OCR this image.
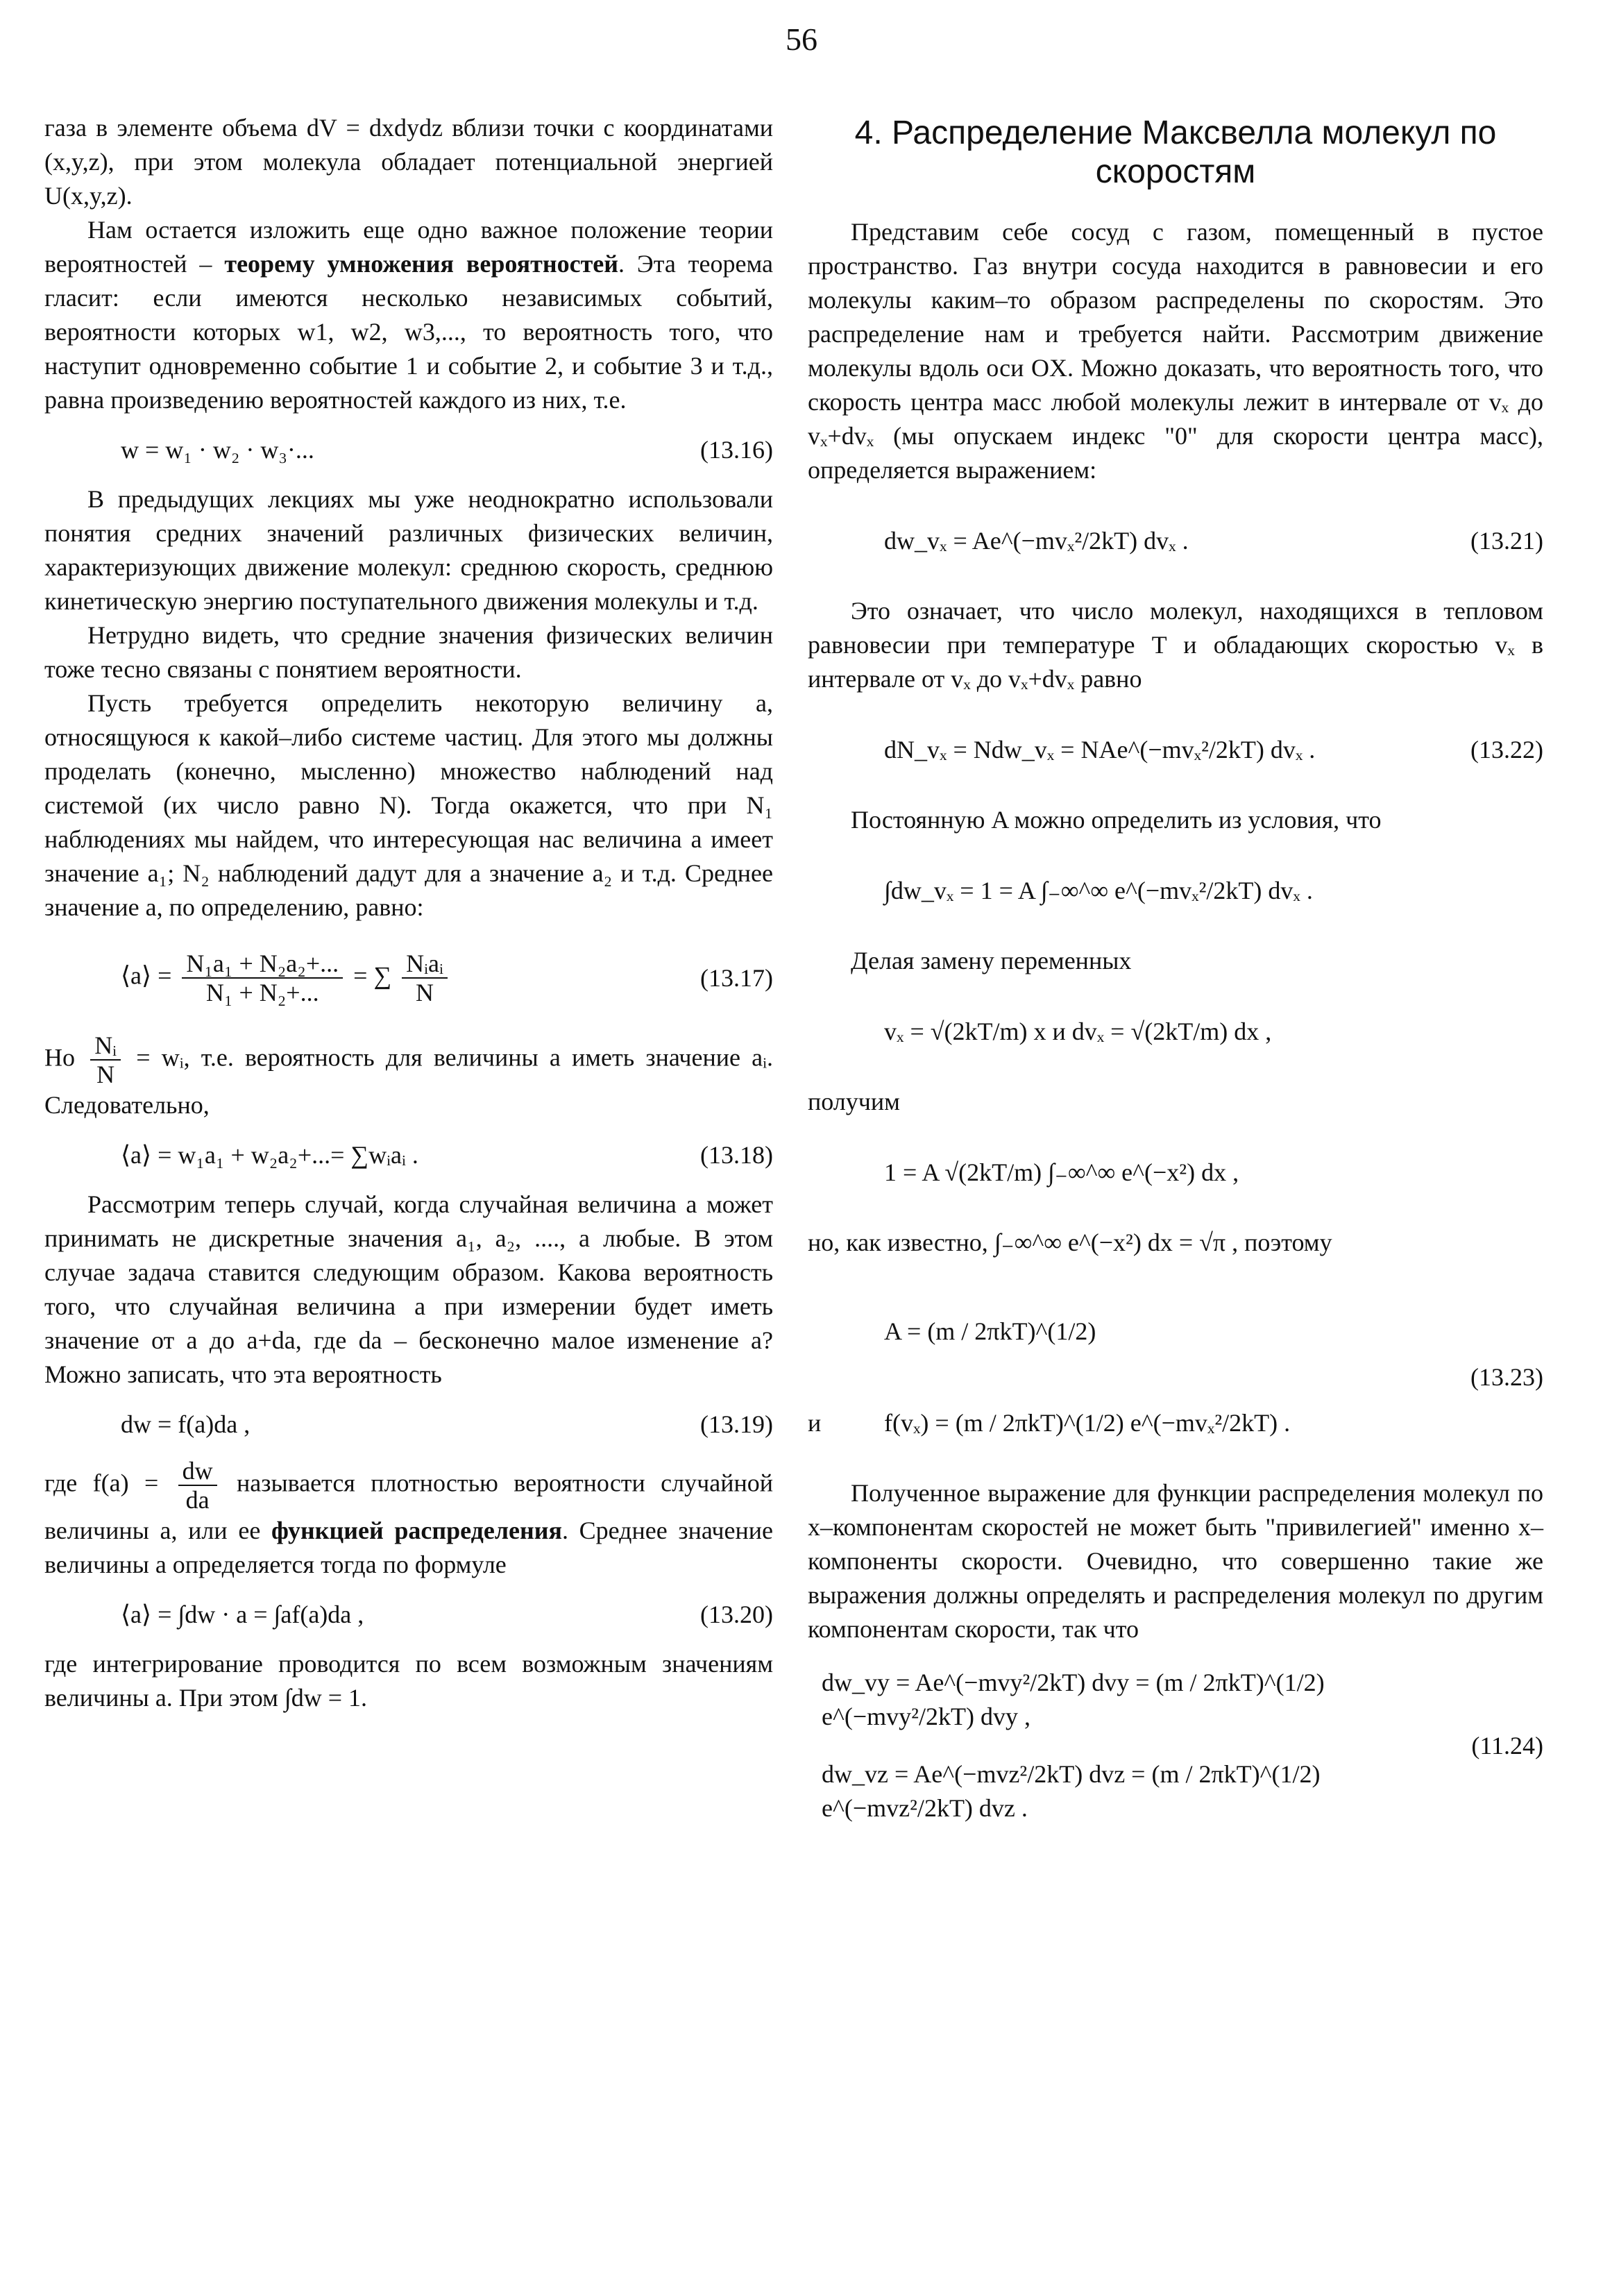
56

газа в элементе объема dV = dxdydz вблизи точки с координатами (x,y,z), при этом молекула обладает потенциальной энергией U(x,y,z).

Нам остается изложить еще одно важное положение теории вероятностей – теорему умножения вероятностей. Эта теорема гласит: если имеются несколько независимых событий, вероятности которых w1, w2, w3,..., то вероятность того, что наступит одновременно событие 1 и событие 2, и событие 3 и т.д., равна произведению вероятностей каждого из них, т.е.

w = w₁ · w₂ · w₃·...	(13.16)

В предыдущих лекциях мы уже неоднократно использовали понятия средних значений различных физических величин, характеризующих движение молекул: среднюю скорость, среднюю кинетическую энергию поступательного движения молекулы и т.д.

Нетрудно видеть, что средние значения физических величин тоже тесно связаны с понятием вероятности.

Пусть требуется определить некоторую величину а, относящуюся к какой–либо системе частиц. Для этого мы должны проделать (конечно, мысленно) множество наблюдений над системой (их число равно N). Тогда окажется, что при N₁ наблюдениях мы найдем, что интересующая нас величина а имеет значение a₁; N₂ наблюдений дадут для а значение a₂ и т.д. Среднее значение а, по определению, равно:

⟨a⟩ = $\frac{\text{N₁a₁ + N₂a₂+...}}{\text{N₁ + N₂+...}}$ = ∑ $\frac{\text{Nᵢaᵢ}}{N}$	(13.17)

Но $\frac{\text{Nᵢ}}{N}$ = wᵢ, т.е. вероятность для величины а иметь значение aᵢ. Следовательно,

⟨a⟩ = w₁a₁ + w₂a₂+...= ∑wᵢaᵢ .	(13.18)

Рассмотрим теперь случай, когда случайная величина а может принимать не дискретные значения a₁, a₂, ...., а любые. В этом случае задача ставится следующим образом. Какова вероятность того, что случайная величина а при измерении будет иметь значение от а до a+da, где da – бесконечно малое изменение а? Можно записать, что эта вероятность

dw = f(a)da ,	(13.19)

где $f(a) = \frac{dw}{da}$ называется плотностью вероятности случайной величины а, или ее функцией распределения. Среднее значение величины а определяется тогда по формуле

⟨a⟩ = ∫dw · a = ∫af(a)da ,	(13.20)

где интегрирование проводится по всем возможным значениям величины а. При этом ∫dw = 1.

4. Распределение Максвелла молекул по скоростям

Представим себе сосуд с газом, помещенный в пустое пространство. Газ внутри сосуда находится в равновесии и его молекулы каким–то образом распределены по скоростям. Это распределение нам и требуется найти. Рассмотрим движение молекулы вдоль оси OX. Можно доказать, что вероятность того, что скорость центра масс любой молекулы лежит в интервале от vₓ до vₓ+dvₓ (мы опускаем индекс "0" для скорости центра масс), определяется выражением:

dw_vₓ = Ae^(−mvₓ²/2kT) dvₓ .	(13.21)

Это означает, что число молекул, находящихся в тепловом равновесии при температуре T и обладающих скоростью vₓ в интервале от vₓ до vₓ+dvₓ равно

dN_vₓ = Ndw_vₓ = NAe^(−mvₓ²/2kT) dvₓ .	(13.22)

Постоянную A можно определить из условия, что

∫dw_vₓ = 1 = A ∫₋∞^∞ e^(−mvₓ²/2kT) dvₓ .

Делая замену переменных

vₓ = √(2kT/m) x и dvₓ = √(2kT/m) dx ,

получим

1 = A √(2kT/m) ∫₋∞^∞ e^(−x²) dx ,

но, как известно, ∫₋∞^∞ e^(−x²) dx = √π , поэтому

A = (m / 2πkT)^(1/2)
и	f(vₓ) = (m / 2πkT)^(1/2) e^(−mvₓ²/2kT) .
(13.23)

Полученное выражение для функции распределения молекул по x–компонентам скоростей не может быть "привилегией" именно x–компоненты скорости. Очевидно, что совершенно такие же выражения должны определять и распределения молекул по другим компонентам скорости, так что

dw_vy = Ae^(−mvy²/2kT) dvy = (m / 2πkT)^(1/2) e^(−mvy²/2kT) dvy ,
dw_vz = Ae^(−mvz²/2kT) dvz = (m / 2πkT)^(1/2) e^(−mvz²/2kT) dvz .
(11.24)
